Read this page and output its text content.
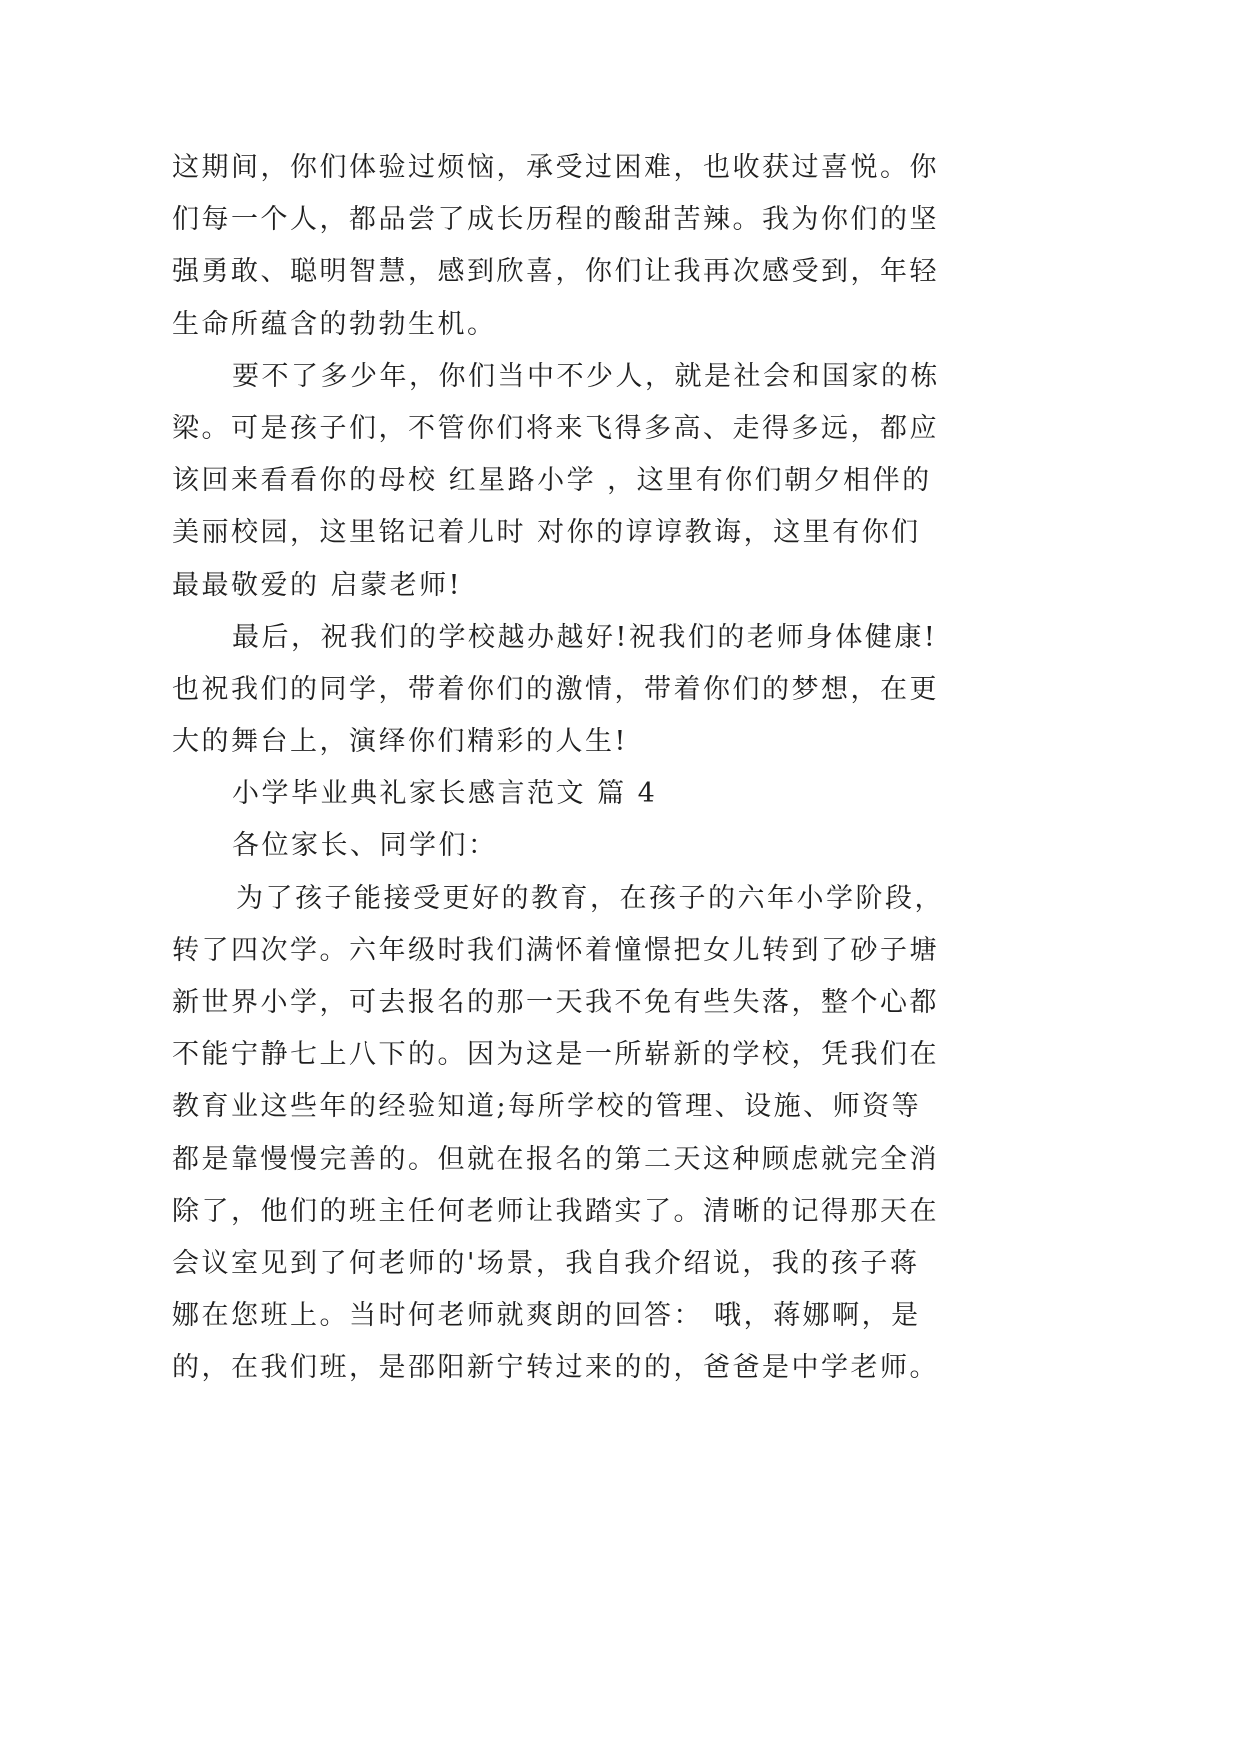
这期间，你们体验过烦恼，承受过困难，也收获过喜悦。你
们每一个人，都品尝了成长历程的酸甜苦辣。我为你们的坚
强勇敢、聪明智慧，感到欣喜，你们让我再次感受到，年轻
生命所蕴含的勃勃生机。
要不了多少年，你们当中不少人，就是社会和国家的栋
梁。可是孩子们，不管你们将来飞得多高、走得多远，都应
该回来看看你的母校 红星路小学 ，这里有你们朝夕相伴的
美丽校园，这里铭记着儿时 对你的谆谆教诲，这里有你们
最最敬爱的 启蒙老师!
最后，祝我们的学校越办越好!祝我们的老师身体健康!
也祝我们的同学，带着你们的激情，带着你们的梦想，在更
大的舞台上，演绎你们精彩的人生!
小学毕业典礼家长感言范文 篇 4
各位家长、同学们：
为了孩子能接受更好的教育，在孩子的六年小学阶段，
转了四次学。六年级时我们满怀着憧憬把女儿转到了砂子塘
新世界小学，可去报名的那一天我不免有些失落，整个心都
不能宁静七上八下的。因为这是一所崭新的学校，凭我们在
教育业这些年的经验知道;每所学校的管理、设施、师资等
都是靠慢慢完善的。但就在报名的第二天这种顾虑就完全消
除了，他们的班主任何老师让我踏实了。清晰的记得那天在
会议室见到了何老师的'场景，我自我介绍说，我的孩子蒋
娜在您班上。当时何老师就爽朗的回答： 哦，蒋娜啊，是
的，在我们班，是邵阳新宁转过来的的，爸爸是中学老师。
